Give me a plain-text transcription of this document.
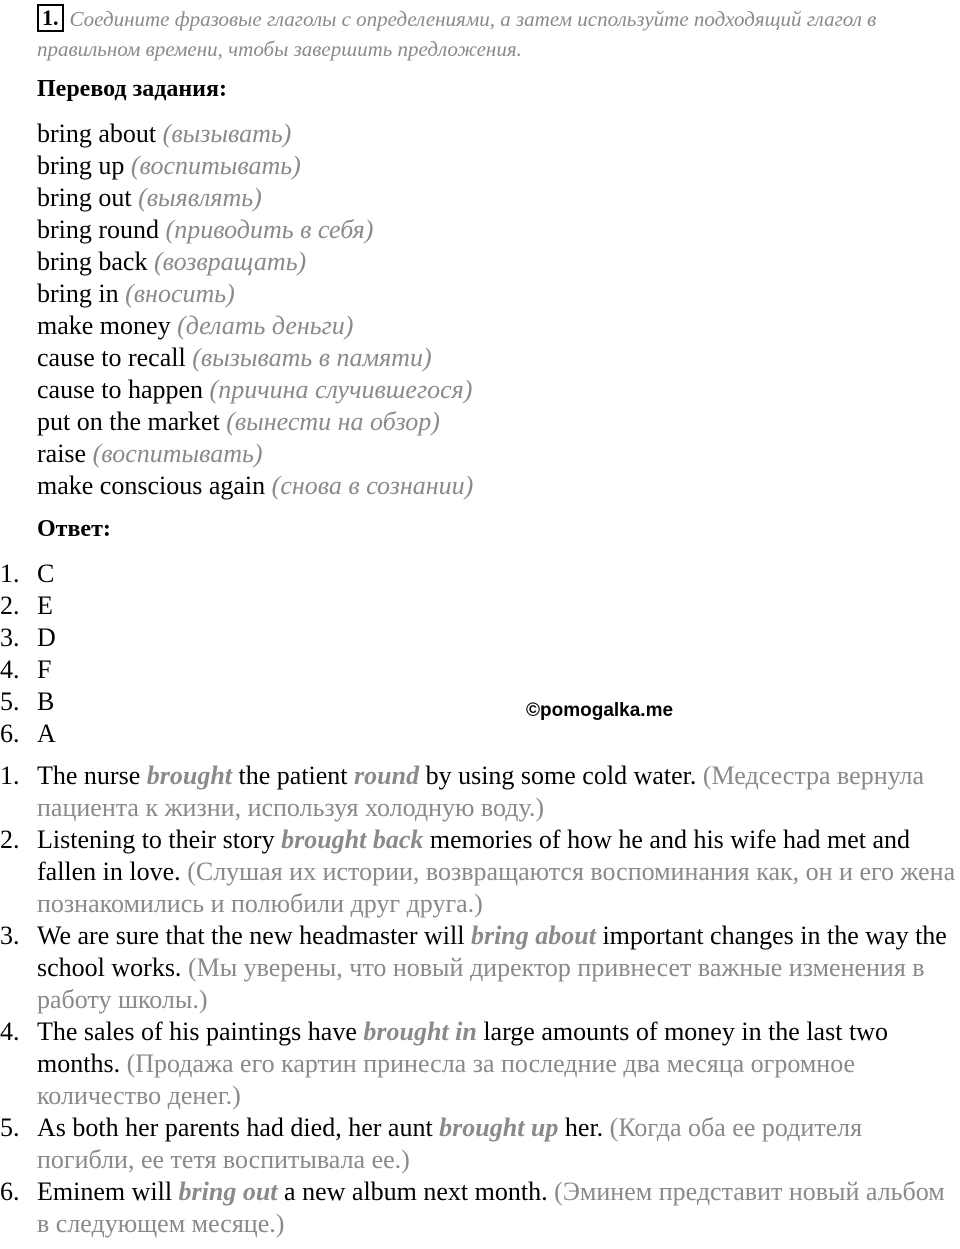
1. Соедините фразовые глаголы с определениями, а затем используйте подходящий глагол в правильном времени, чтобы завершить предложения.
Перевод задания:
bring about (вызывать)
bring up (воспитывать)
bring out (выявлять)
bring round (приводить в себя)
bring back (возвращать)
bring in (вносить)
make money (делать деньги)
cause to recall (вызывать в памяти)
cause to happen (причина случившегося)
put on the market (вынести на обзор)
raise (воспитывать)
make conscious again (снова в сознании)
Ответ:
1. C
2. E
3. D
4. F
5. B
6. A
©pomogalka.me
1. The nurse brought the patient round by using some cold water. (Медсестра вернула пациента к жизни, используя холодную воду.)
2. Listening to their story brought back memories of how he and his wife had met and fallen in love. (Слушая их истории, возвращаются воспоминания как, он и его жена познакомились и полюбили друг друга.)
3. We are sure that the new headmaster will bring about important changes in the way the school works. (Мы уверены, что новый директор привнесет важные изменения в работу школы.)
4. The sales of his paintings have brought in large amounts of money in the last two months. (Продажа его картин принесла за последние два месяца огромное количество денег.)
5. As both her parents had died, her aunt brought up her. (Когда оба ее родителя погибли, ее тетя воспитывала ее.)
6. Eminem will bring out a new album next month. (Эминем представит новый альбом в следующем месяце.)
